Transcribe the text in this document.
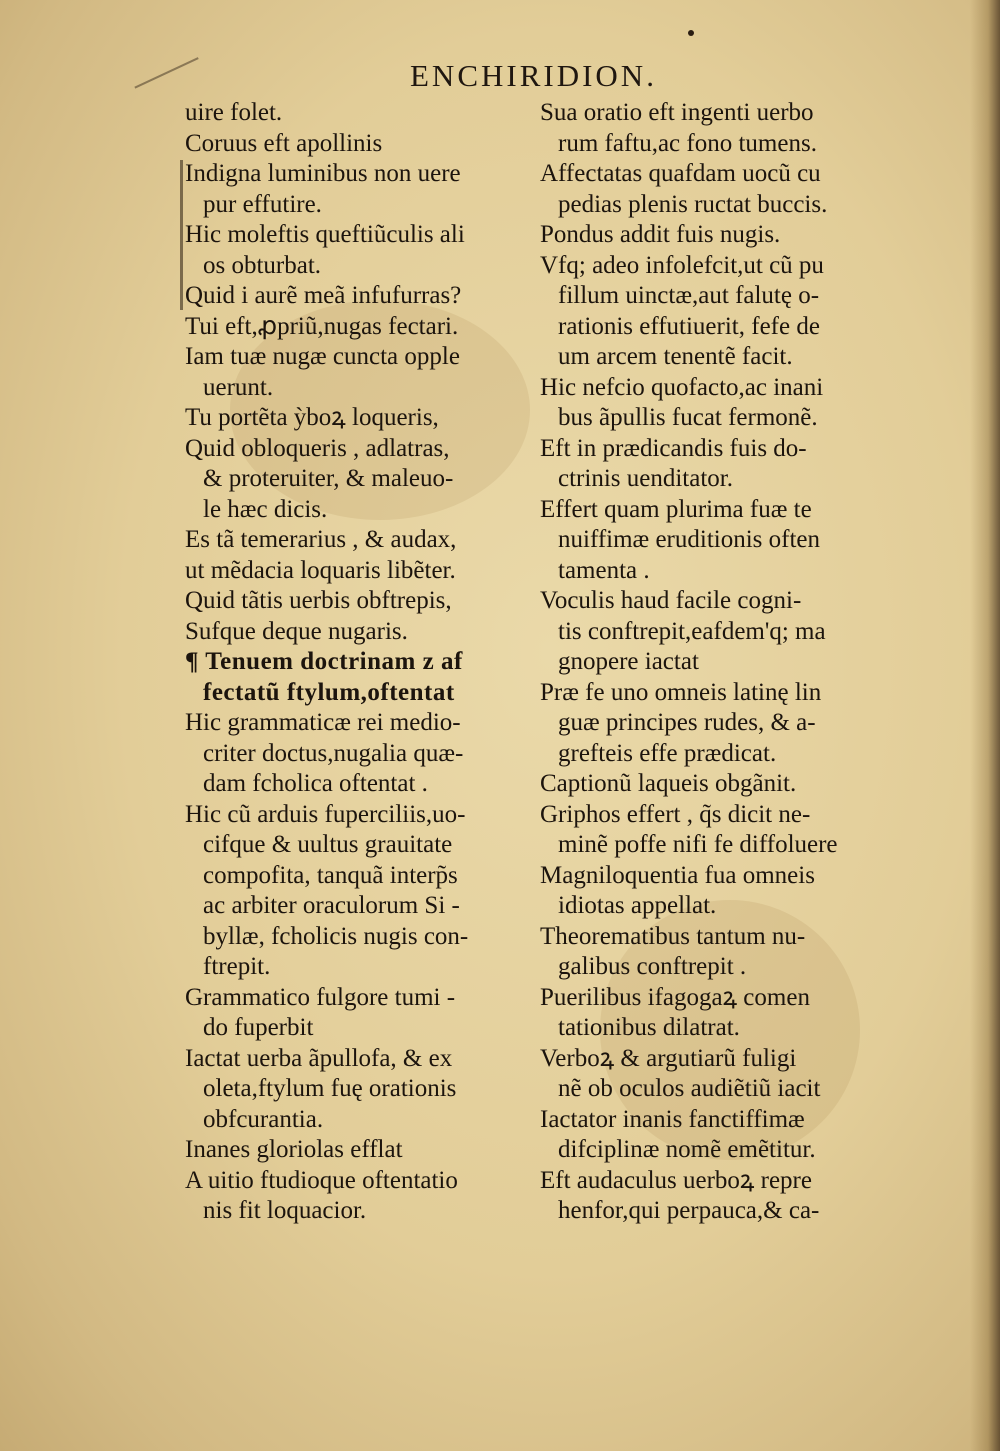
ENCHIRIDION.
uire folet.
Coruus eft apollinis
Indigna luminibus non uere
pur effutire.
Hic moleftis queftiũculis ali
os obturbat.
Quid i aurẽ meã infufurras?
Tui eft,ꝓpriũ,nugas fectari.
Iam tuæ nugæ cuncta opple
uerunt.
Tu portẽta ỳboꝝ loqueris,
Quid obloqueris , adlatras,
& proteruiter, & maleuo-
le hæc dicis.
Es tã temerarius , & audax,
ut mẽdacia loquaris libẽter.
Quid tãtis uerbis obftrepis,
Sufque deque nugaris.
¶ Tenuem doctrinam z af
fectatũ ftylum,oftentat
Hic grammaticæ rei medio-
criter doctus,nugalia quæ-
dam fcholica oftentat .
Hic cũ arduis fuperciliis,uo-
cifque & uultus grauitate
compofita, tanquã interp̃s
ac arbiter oraculorum Si -
byllæ, fcholicis nugis con-
ftrepit.
Grammatico fulgore tumi -
do fuperbit
Iactat uerba ãpullofa, & ex
oleta,ftylum fuę orationis
obfcurantia.
Inanes gloriolas efflat
A uitio ftudioque oftentatio
nis fit loquacior.
Sua oratio eft ingenti uerbo
rum faftu,ac fono tumens.
Affectatas quafdam uocũ cu
pedias plenis ructat buccis.
Pondus addit fuis nugis.
Vfq; adeo infolefcit,ut cũ pu
fillum uinctæ,aut falutę o-
rationis effutiuerit, fefe de
um arcem tenentẽ facit.
Hic nefcio quofacto,ac inani
bus ãpullis fucat fermonẽ.
Eft in prædicandis fuis do-
ctrinis uenditator.
Effert quam plurima fuæ te
nuiffimæ eruditionis often
tamenta .
Voculis haud facile cogni-
tis conftrepit,eafdem'q; ma
gnopere iactat
Præ fe uno omneis latinę lin
guæ principes rudes, & a-
grefteis effe prædicat.
Captionũ laqueis obgãnit.
Griphos effert , q̃s dicit ne-
minẽ poffe nifi fe diffoluere
Magniloquentia fua omneis
idiotas appellat.
Theorematibus tantum nu-
galibus conftrepit .
Puerilibus ifagogaꝝ comen
tationibus dilatrat.
Verboꝝ & argutiarũ fuligi
nẽ ob oculos audiẽtiũ iacit
Iactator inanis fanctiffimæ
difciplinæ nomẽ emẽtitur.
Eft audaculus uerboꝝ repre
henfor,qui perpauca,& ca-
